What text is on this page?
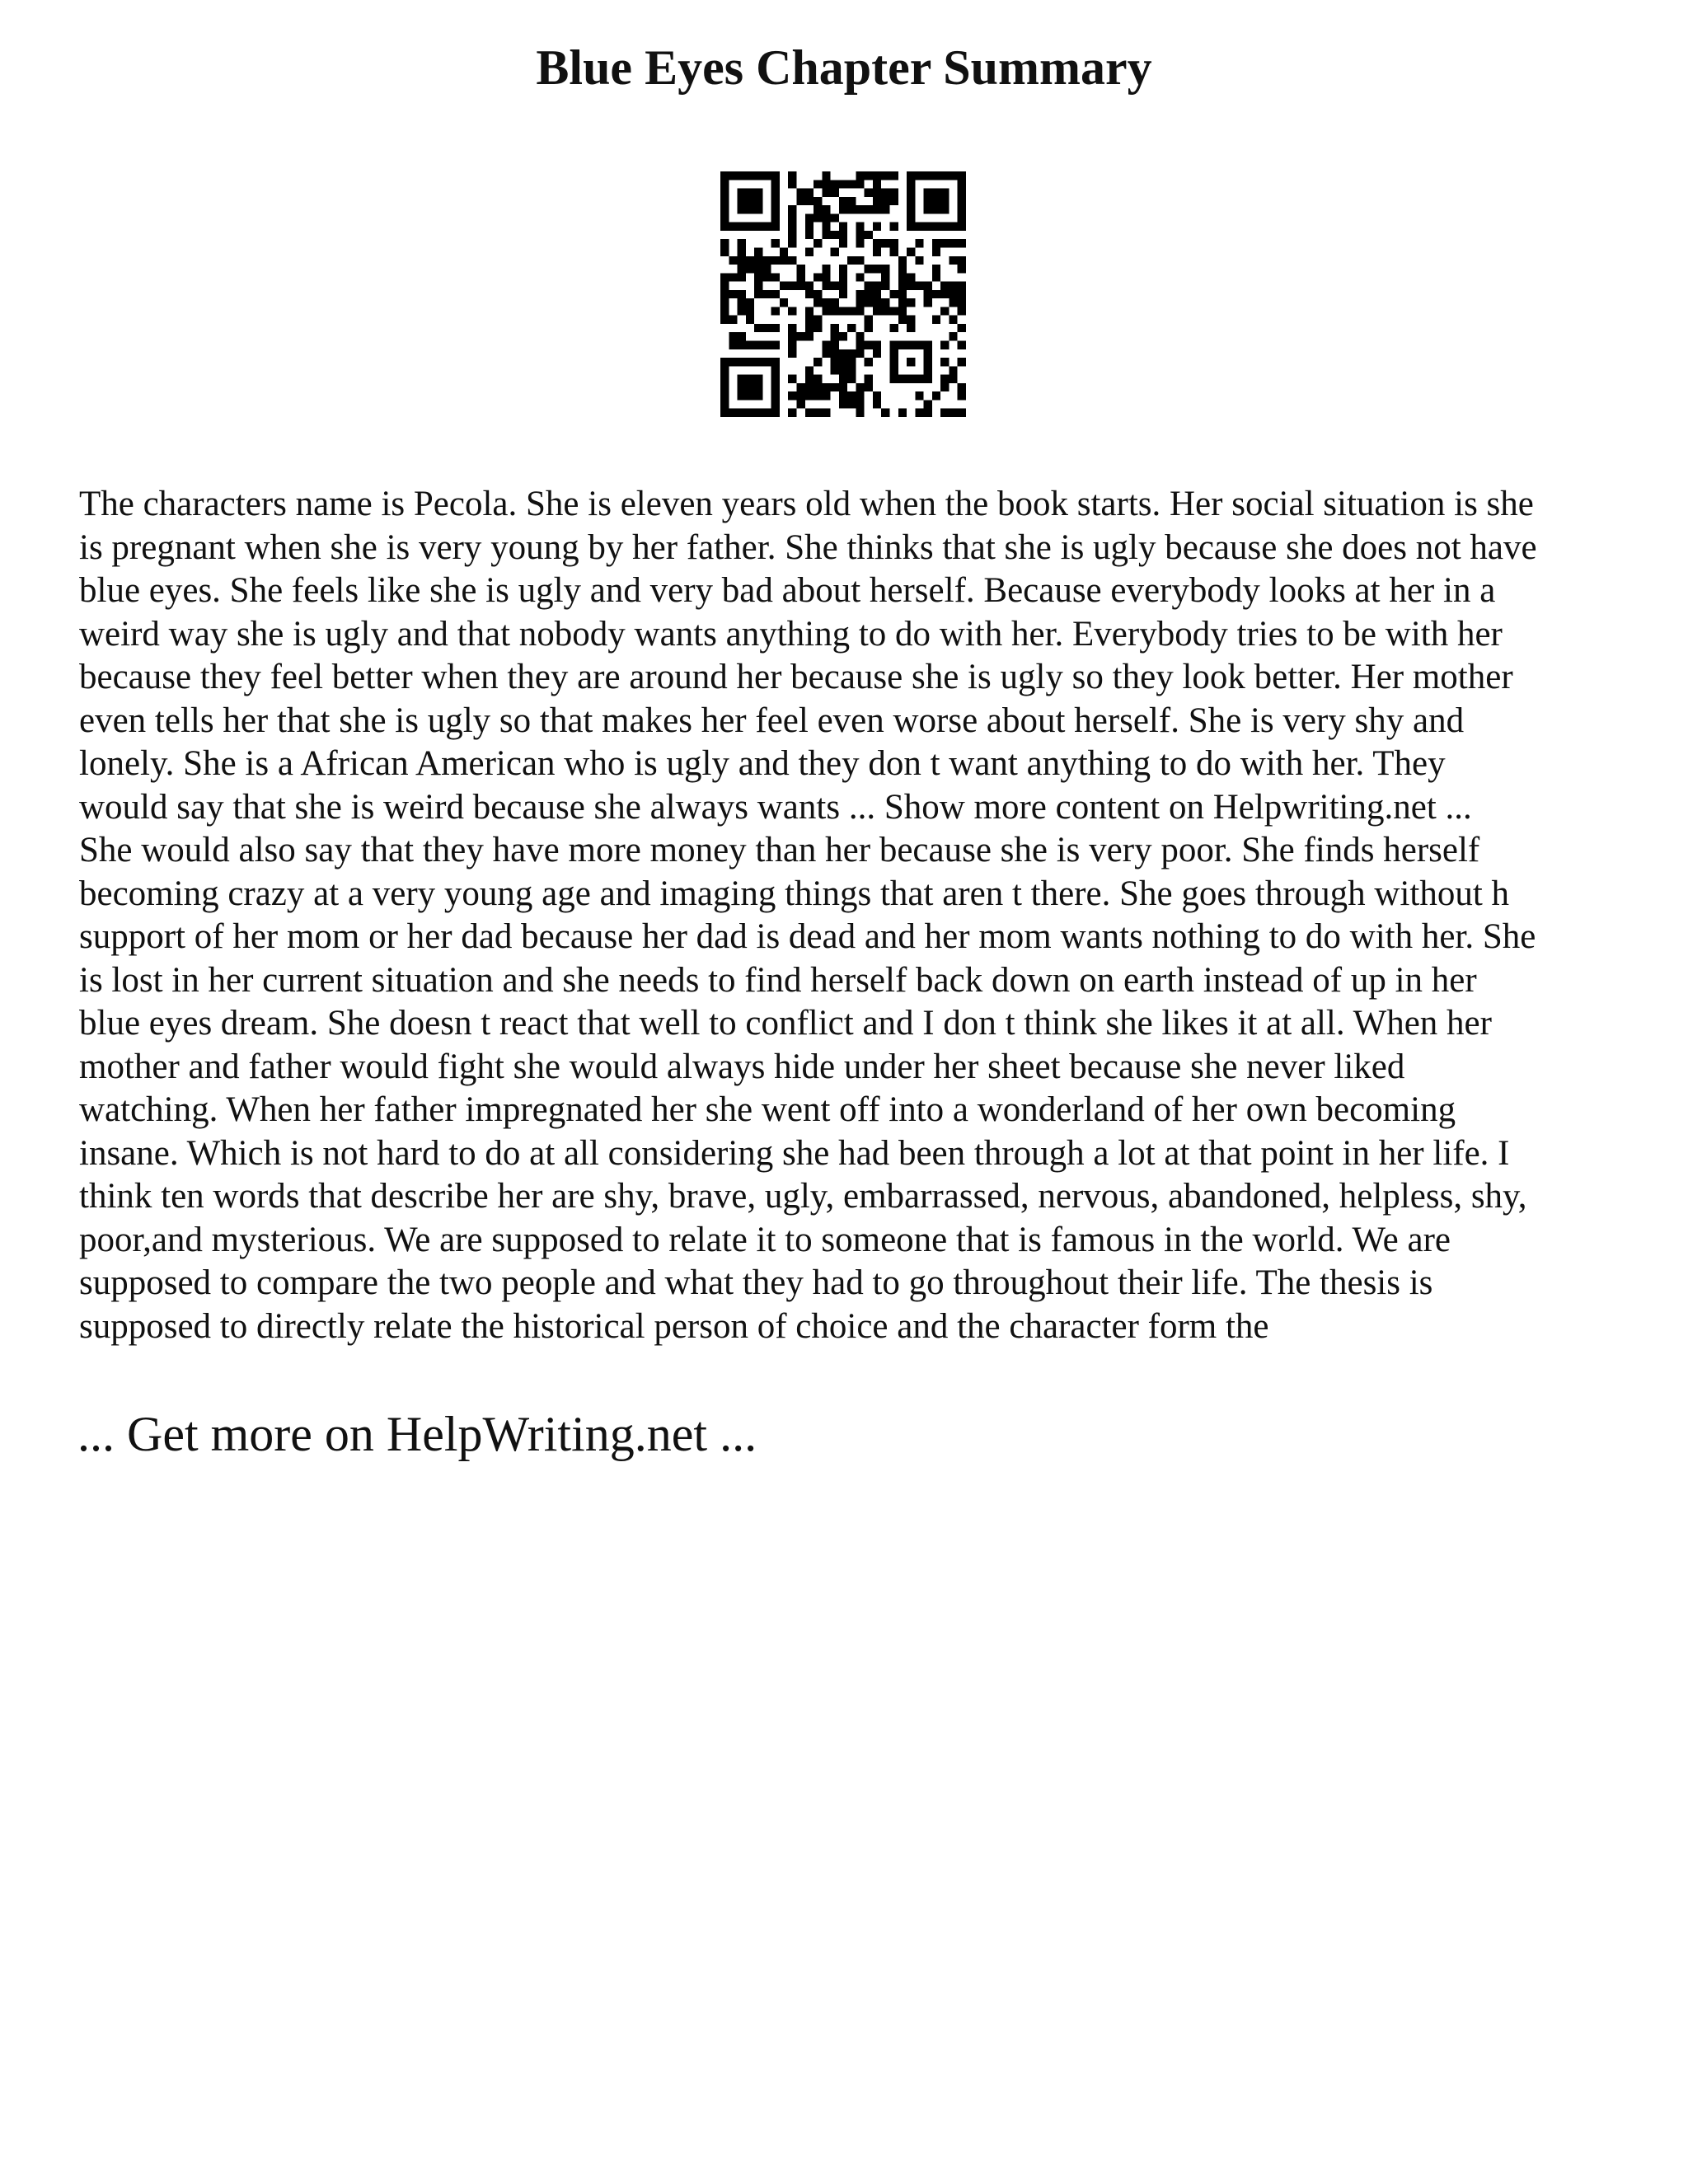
Blue Eyes Chapter Summary
The characters name is Pecola. She is eleven years old when the book starts. Her social situation is she
is pregnant when she is very young by her father. She thinks that she is ugly because she does not have
blue eyes. She feels like she is ugly and very bad about herself. Because everybody looks at her in a
weird way she is ugly and that nobody wants anything to do with her. Everybody tries to be with her
because they feel better when they are around her because she is ugly so they look better. Her mother
even tells her that she is ugly so that makes her feel even worse about herself. She is very shy and
lonely. She is a African American who is ugly and they don t want anything to do with her. They
would say that she is weird because she always wants ... Show more content on Helpwriting.net ...
She would also say that they have more money than her because she is very poor. She finds herself
becoming crazy at a very young age and imaging things that aren t there. She goes through without h
support of her mom or her dad because her dad is dead and her mom wants nothing to do with her. She
is lost in her current situation and she needs to find herself back down on earth instead of up in her
blue eyes dream. She doesn t react that well to conflict and I don t think she likes it at all. When her
mother and father would fight she would always hide under her sheet because she never liked
watching. When her father impregnated her she went off into a wonderland of her own becoming
insane. Which is not hard to do at all considering she had been through a lot at that point in her life. I
think ten words that describe her are shy, brave, ugly, embarrassed, nervous, abandoned, helpless, shy,
poor,and mysterious. We are supposed to relate it to someone that is famous in the world. We are
supposed to compare the two people and what they had to go throughout their life. The thesis is
supposed to directly relate the historical person of choice and the character form the
... Get more on HelpWriting.net ...
